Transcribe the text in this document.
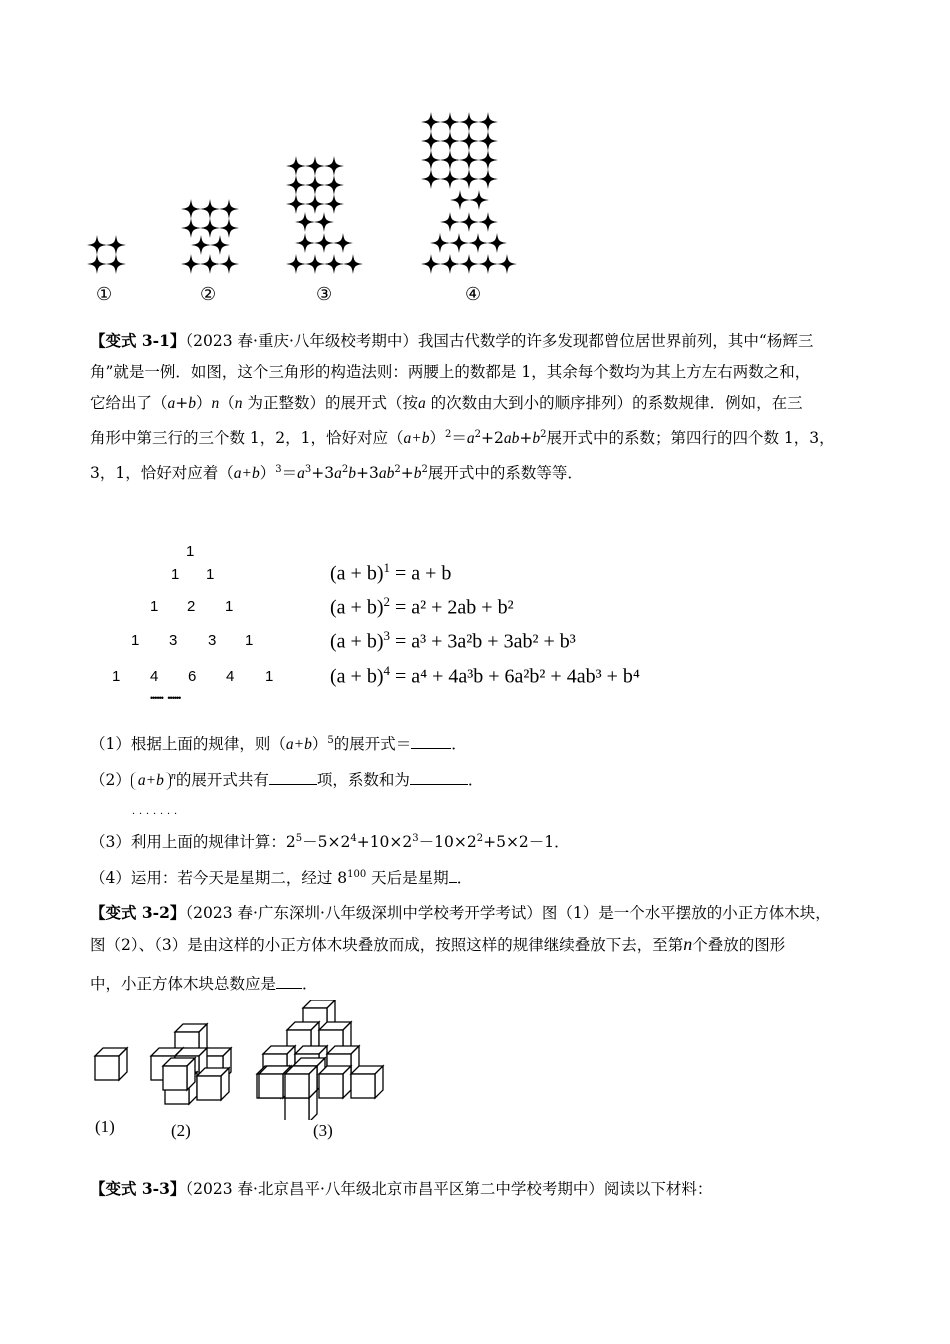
①	②	③	④
【变式 3-1】（2023 春·重庆·八年级校考期中）我国古代数学的许多发现都曾位居世界前列，其中“杨辉三
角”就是一例．如图，这个三角形的构造法则：两腰上的数都是 1，其余每个数均为其上方左右两数之和，
它给出了（a+b）n（n 为正整数）的展开式（按a 的次数由大到小的顺序排列）的系数规律．例如，在三
角形中第三行的三个数 1，2，1，恰好对应$(a+b)^2=a^2+2ab+b^2$展开式中的系数；第四行的四个数 1，3，
3，1，恰好对应着$(a+b)^3=a^3+3a^2b+3ab^2+b^2$展开式中的系数等等．
1
1 1
1 2 1
1 3 3 1
1 4 6 4 1
••••••   ••••••
$(a + b)^1 = a + b$
$(a + b)^2 = a^2 + 2ab + b^2$
$(a + b)^3 = a^3 + 3a^2b + 3ab^2 + b^3$
$(a + b)^4 = a^4 + 4a^3b + 6a^2b^2 + 4ab^3 + b^4$
（1）根据上面的规律，则$(a+b)^5$的展开式＝	．
（2） a+b $^n$的展开式共有	项，系数和为	．
．．．．．．．
（3）利用上面的规律计算：$2^5-5\times 2^4+10\times 2^3-10\times 2^2+5\times 2-1$．
（4）运用：若今天是星期二，经过 $8^{100}$ 天后是星期 ．
【变式 3-2】（2023 春·广东深圳·八年级深圳中学校考开学考试）图（1）是一个水平摆放的小正方体木块，
图（2）、（3）是由这样的小正方体木块叠放而成，按照这样的规律继续叠放下去，至第n个叠放的图形
中，小正方体木块总数应是 ．
(1)	(2)	(3)
【变式 3-3】（2023 春·北京昌平·八年级北京市昌平区第二中学校考期中）阅读以下材料：
